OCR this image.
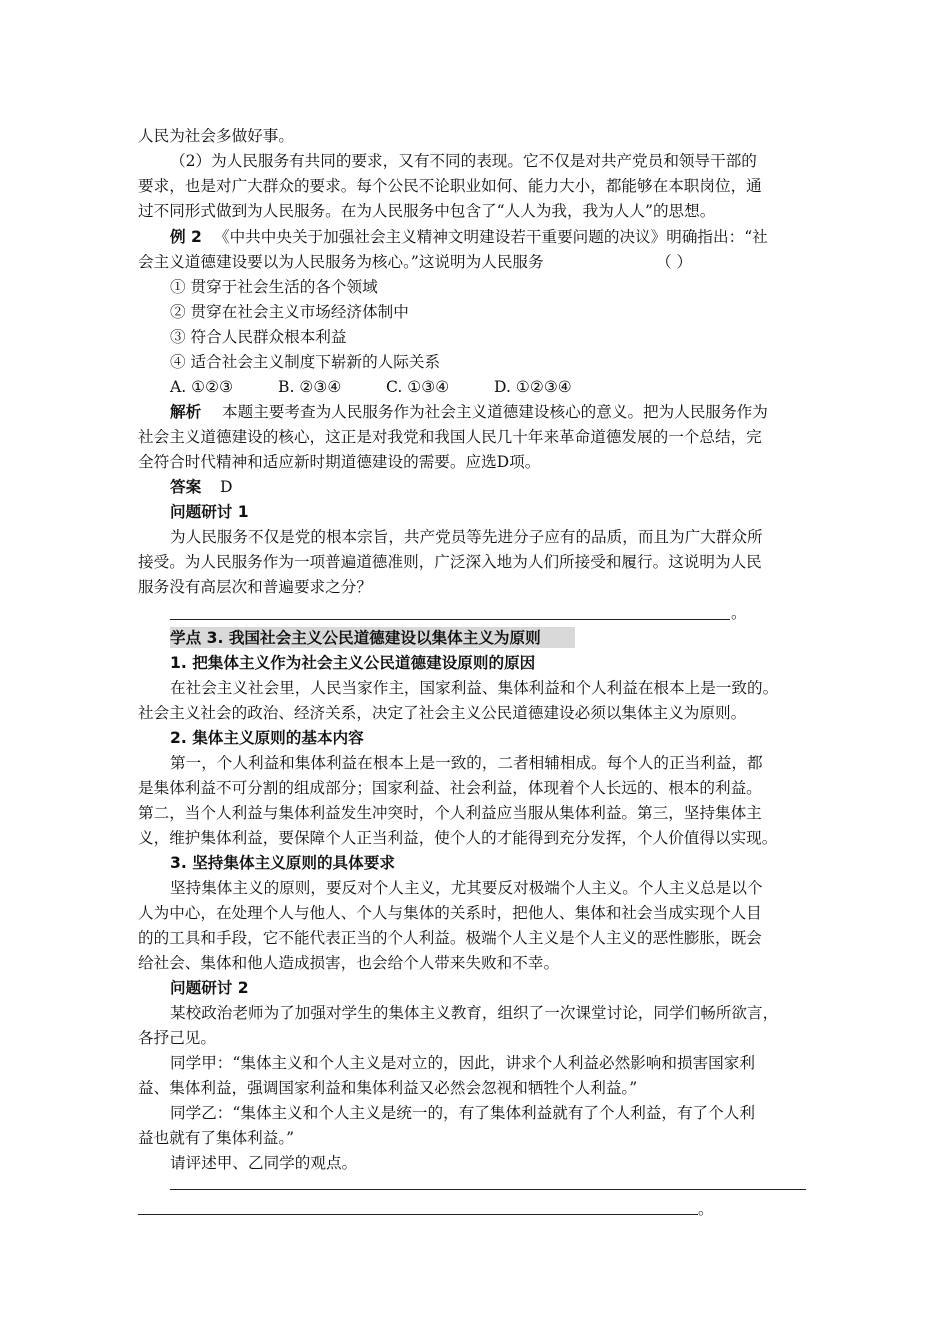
人民为社会多做好事。
（2）为人民服务有共同的要求，又有不同的表现。它不仅是对共产党员和领导干部的
要求，也是对广大群众的要求。每个公民不论职业如何、能力大小，都能够在本职岗位，通
过不同形式做到为人民服务。在为人民服务中包含了“人人为我，我为人人”的思想。
例 2 《中共中央关于加强社会主义精神文明建设若干重要问题的决议》明确指出：“社
会主义道德建设要以为人民服务为核心。”这说明为人民服务	（ ）
① 贯穿于社会生活的各个领域
② 贯穿在社会主义市场经济体制中
③ 符合人民群众根本利益
④ 适合社会主义制度下崭新的人际关系
A. ①②③	B. ②③④	C. ①③④	D. ①②③④
解析 本题主要考查为人民服务作为社会主义道德建设核心的意义。把为人民服务作为
社会主义道德建设的核心，这正是对我党和我国人民几十年来革命道德发展的一个总结，完
全符合时代精神和适应新时期道德建设的需要。应选D项。
答案 D
问题研讨 1
为人民服务不仅是党的根本宗旨，共产党员等先进分子应有的品质，而且为广大群众所
接受。为人民服务作为一项普遍道德准则，广泛深入地为人们所接受和履行。这说明为人民
服务没有高层次和普遍要求之分？
。
学点 3. 我国社会主义公民道德建设以集体主义为原则
1. 把集体主义作为社会主义公民道德建设原则的原因
在社会主义社会里，人民当家作主，国家利益、集体利益和个人利益在根本上是一致的。
社会主义社会的政治、经济关系，决定了社会主义公民道德建设必须以集体主义为原则。
2. 集体主义原则的基本内容
第一，个人利益和集体利益在根本上是一致的，二者相辅相成。每个人的正当利益，都
是集体利益不可分割的组成部分；国家利益、社会利益，体现着个人长远的、根本的利益。
第二，当个人利益与集体利益发生冲突时，个人利益应当服从集体利益。第三，坚持集体主
义，维护集体利益，要保障个人正当利益，使个人的才能得到充分发挥，个人价值得以实现。
3. 坚持集体主义原则的具体要求
坚持集体主义的原则，要反对个人主义，尤其要反对极端个人主义。个人主义总是以个
人为中心，在处理个人与他人、个人与集体的关系时，把他人、集体和社会当成实现个人目
的的工具和手段，它不能代表正当的个人利益。极端个人主义是个人主义的恶性膨胀，既会
给社会、集体和他人造成损害，也会给个人带来失败和不幸。
问题研讨 2
某校政治老师为了加强对学生的集体主义教育，组织了一次课堂讨论，同学们畅所欲言，
各抒己见。
同学甲：“集体主义和个人主义是对立的，因此，讲求个人利益必然影响和损害国家利
益、集体利益，强调国家利益和集体利益又必然会忽视和牺牲个人利益。”
同学乙：“集体主义和个人主义是统一的，有了集体利益就有了个人利益，有了个人利
益也就有了集体利益。”
请评述甲、乙同学的观点。
。
